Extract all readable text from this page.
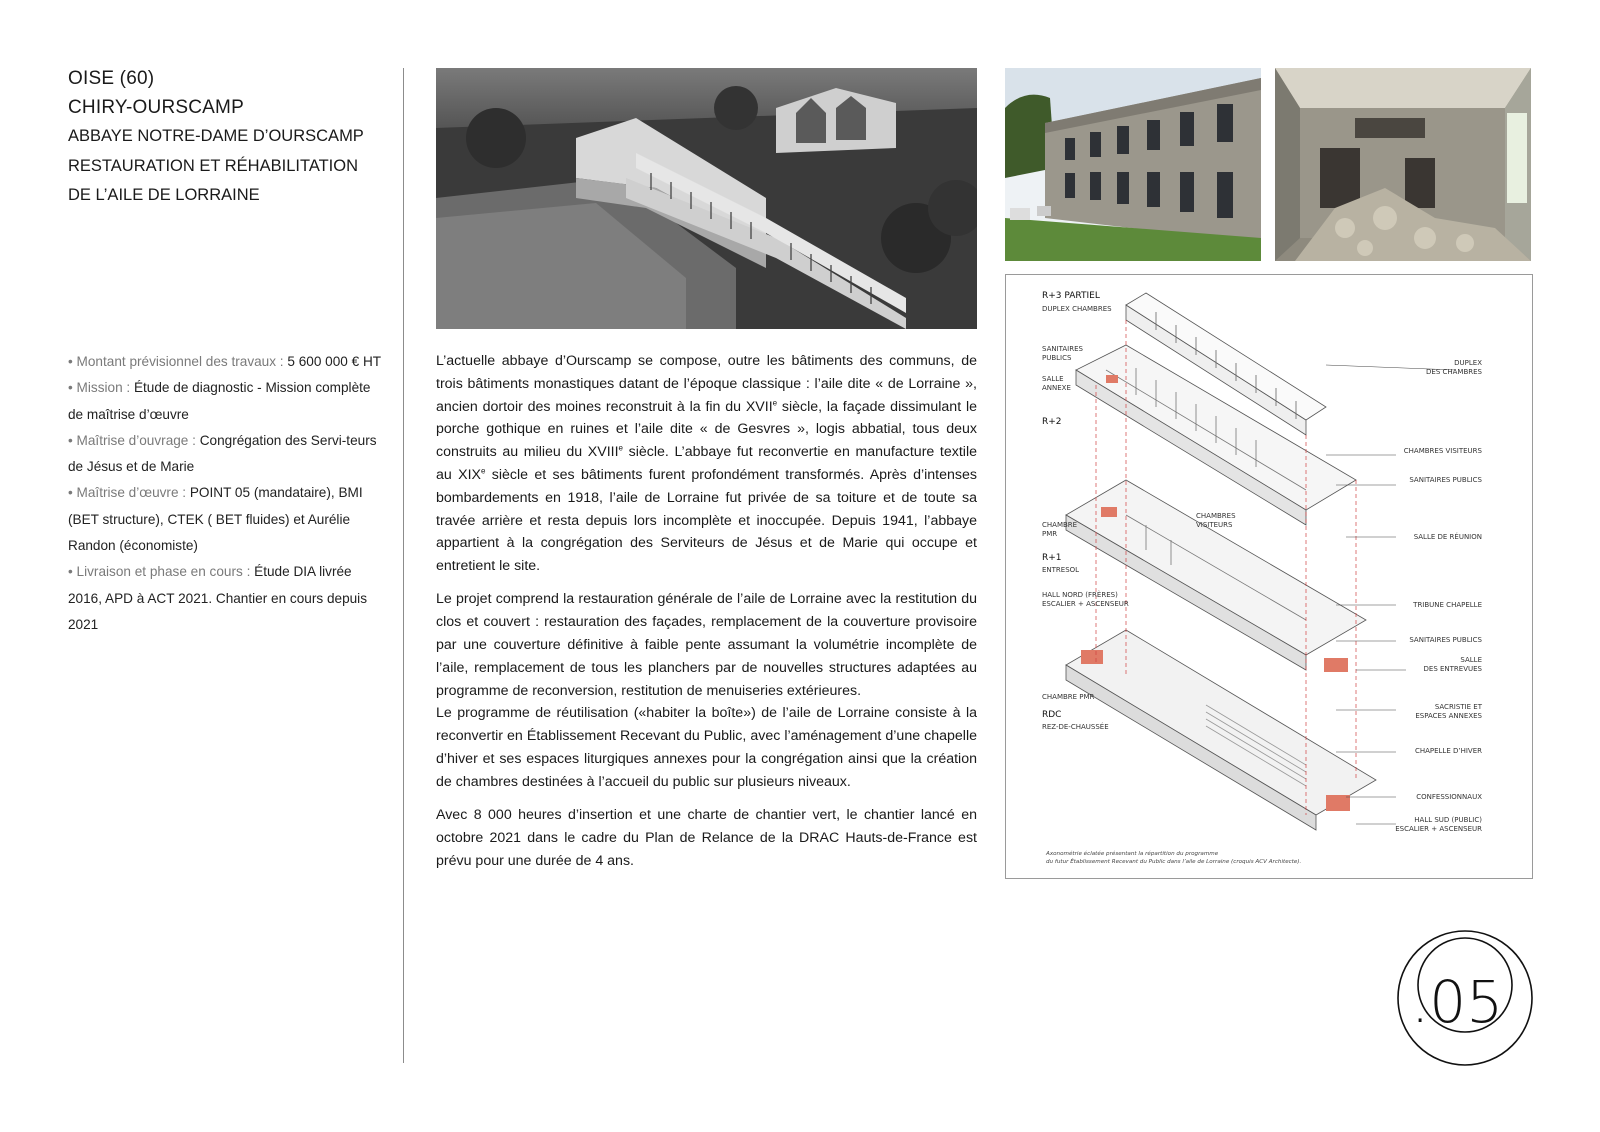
OISE (60)
CHIRY-OURSCAMP
ABBAYE NOTRE-DAME D’OURSCAMP
RESTAURATION ET RÉHABILITATION
DE L’AILE DE LORRAINE
• Montant prévisionnel des travaux : 5 600 000 € HT
• Mission : Étude de diagnostic - Mission complète de maîtrise d’œuvre
• Maîtrise d’ouvrage : Congrégation des Servi-teurs de Jésus et de Marie
• Maîtrise d’œuvre : POINT 05 (mandataire), BMI (BET structure), CTEK ( BET fluides) et Aurélie Randon (économiste)
• Livraison et phase en cours : Étude DIA livrée 2016, APD à ACT 2021. Chantier en cours depuis 2021

L’actuelle abbaye d’Ourscamp se compose, outre les bâtiments des communs, de trois bâtiments monastiques datant de l’époque classique : l’aile dite « de Lorraine », ancien dortoir des moines reconstruit à la fin du XVIIe siècle, la façade dissimulant le porche gothique en ruines et l’aile dite « de Gesvres », logis abbatial, tous deux construits au milieu du XVIIIe siècle. L’abbaye fut reconvertie en manufacture textile au XIXe siècle et ses bâtiments furent profondément transformés. Après d’intenses bombardements en 1918, l’aile de Lorraine fut privée de sa toiture et de toute sa travée arrière et resta depuis lors incomplète et inoccupée. Depuis 1941, l’abbaye appartient à la congrégation des Serviteurs de Jésus et de Marie qui occupe et entretient le site.

Le projet comprend la restauration générale de l’aile de Lorraine avec la restitution du clos et couvert : restauration des façades, remplacement de la couverture provisoire par une couverture définitive à faible pente assumant la volumétrie incomplète de l’aile, remplacement de tous les planchers par de nouvelles structures adaptées au programme de reconversion, restitution de menuiseries extérieures.

Le programme de réutilisation («habiter la boîte») de l’aile de Lorraine consiste à la reconvertir en Établissement Recevant du Public, avec l’aménagement d’une chapelle d’hiver et ses espaces liturgiques annexes pour la congrégation ainsi que la création de chambres destinées à l’accueil du public sur plusieurs niveaux.

Avec 8 000 heures d’insertion et une charte de chantier vert, le chantier lancé en octobre 2021 dans le cadre du Plan de Relance de la DRAC Hauts-de-France est prévu pour une durée de 4 ans.

R+3 PARTIEL
DUPLEX CHAMBRES
R+2
R+1
ENTRESOL
RDC
REZ-DE-CHAUSSÉE
SANITAIRES
PUBLICS
SALLE
ANNEXE
CHAMBRE
PMR
CHAMBRES
VISITEURS
HALL NORD (FRÈRES)
ESCALIER + ASCENSEUR
CHAMBRE PMR
DUPLEX
DES CHAMBRES
CHAMBRES VISITEURS
SANITAIRES PUBLICS
SALLE DE RÉUNION
TRIBUNE CHAPELLE
SANITAIRES PUBLICS
SALLE
DES ENTREVUES
SACRISTIE ET
ESPACES ANNEXES
CHAPELLE D’HIVER
CONFESSIONNAUX
HALL SUD (PUBLIC)
ESCALIER + ASCENSEUR
Axonométrie éclatée présentant la répartition du programme
du futur Établissement Recevant du Public dans l’aile de Lorraine (croquis ACV Architecte).
.05
